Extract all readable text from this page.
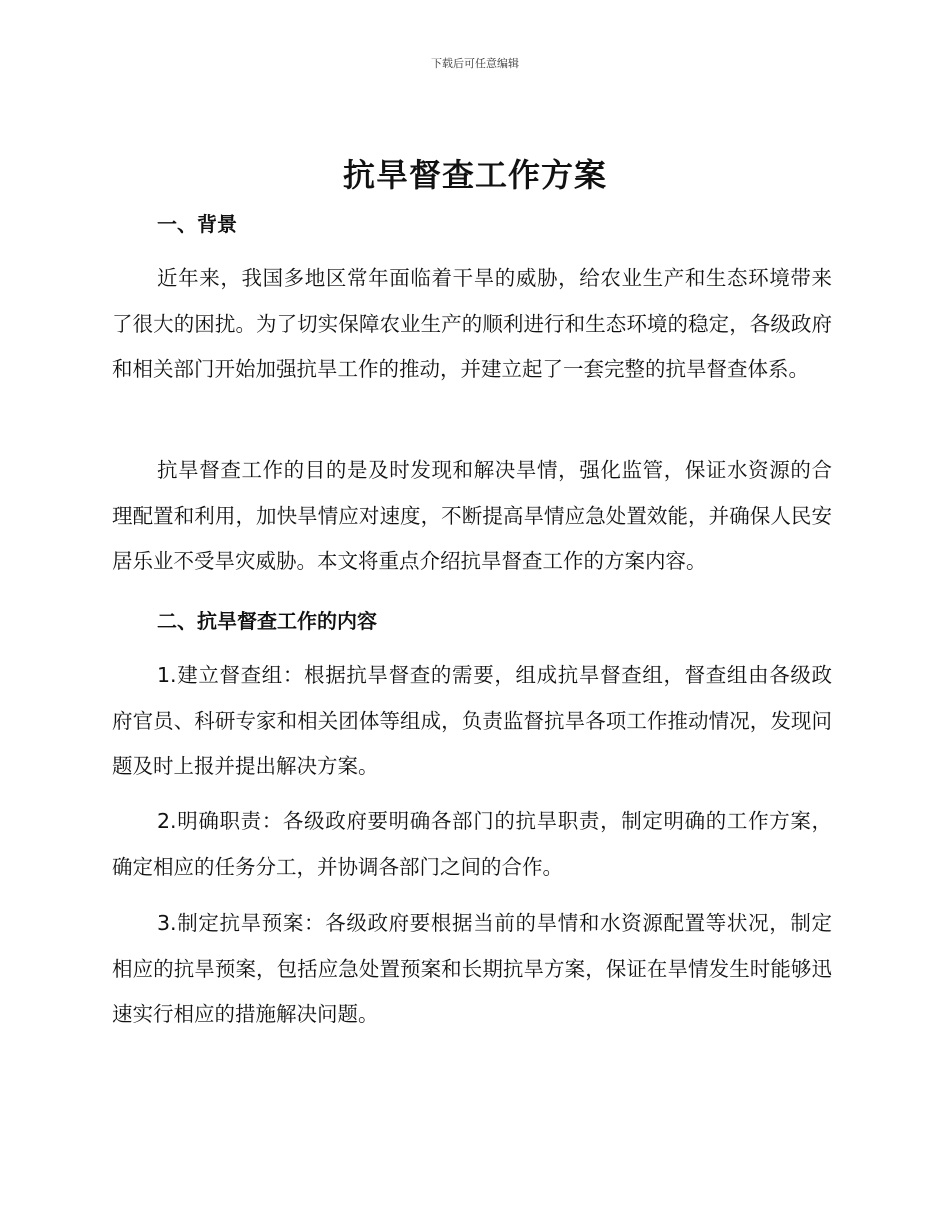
下载后可任意编辑
抗旱督查工作方案
一、背景

近年来，我国多地区常年面临着干旱的威胁，给农业生产和生态环境带来了很大的困扰。为了切实保障农业生产的顺利进行和生态环境的稳定，各级政府和相关部门开始加强抗旱工作的推动，并建立起了一套完整的抗旱督查体系。

抗旱督查工作的目的是及时发现和解决旱情，强化监管，保证水资源的合理配置和利用，加快旱情应对速度，不断提高旱情应急处置效能，并确保人民安居乐业不受旱灾威胁。本文将重点介绍抗旱督查工作的方案内容。

二、抗旱督查工作的内容

1.建立督查组：根据抗旱督查的需要，组成抗旱督查组，督查组由各级政府官员、科研专家和相关团体等组成，负责监督抗旱各项工作推动情况，发现问题及时上报并提出解决方案。

2.明确职责：各级政府要明确各部门的抗旱职责，制定明确的工作方案，确定相应的任务分工，并协调各部门之间的合作。

3.制定抗旱预案：各级政府要根据当前的旱情和水资源配置等状况，制定相应的抗旱预案，包括应急处置预案和长期抗旱方案，保证在旱情发生时能够迅速实行相应的措施解决问题。
